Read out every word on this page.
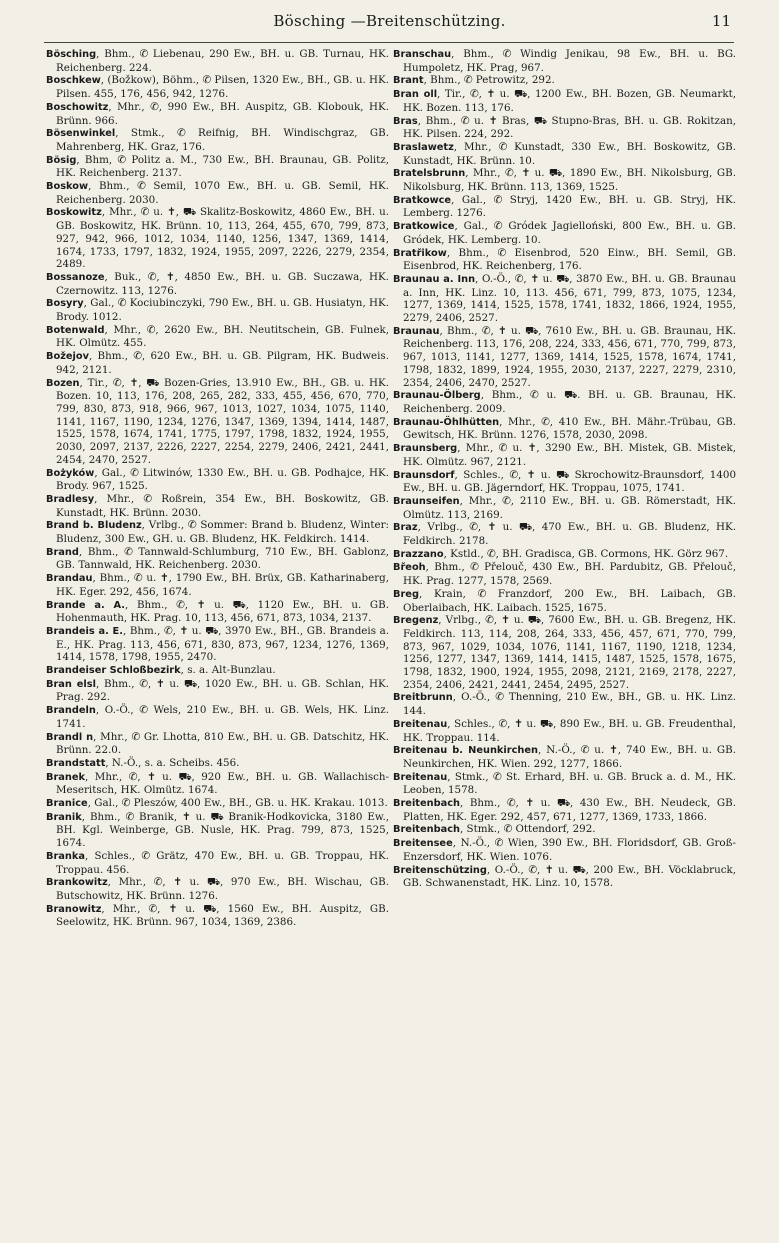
Bösching —Breitenschützing.	11

Bösching, Bhm., ✆ Liebenau, 290 Ew., BH. u. GB. Turnau, HK. Reichenberg. 224.

Boschkew, (Božkow), Böhm., ✆ Pilsen, 1320 Ew., BH., GB. u. HK. Pilsen. 455, 176, 456, 942, 1276.

Boschowitz, Mhr., ✆, 990 Ew., BH. Auspitz, GB. Klobouk, HK. Brünn. 966.

Bösenwinkel, Stmk., ✆ Reifnig, BH. Windischgraz, GB. Mahrenberg, HK. Graz, 176.

Bösig, Bhm, ✆ Politz a. M., 730 Ew., BH. Braunau, GB. Politz, HK. Reichenberg. 2137.

Boskow, Bhm., ✆ Semil, 1070 Ew., BH. u. GB. Semil, HK. Reichenberg. 2030.

Boskowitz, Mhr., ✆ u. ✝, ⛟ Skalitz-Boskowitz, 4860 Ew., BH. u. GB. Boskowitz, HK. Brünn. 10, 113, 264, 455, 670, 799, 873, 927, 942, 966, 1012, 1034, 1140, 1256, 1347, 1369, 1414, 1674, 1733, 1797, 1832, 1924, 1955, 2097, 2226, 2279, 2354, 2489.

Bossanoze, Buk., ✆, ✝, 4850 Ew., BH. u. GB. Suczawa, HK. Czernowitz. 113, 1276.

Bosyry, Gal., ✆ Kociubinczyki, 790 Ew., BH. u. GB. Husiatyn, HK. Brody. 1012.

Botenwald, Mhr., ✆, 2620 Ew., BH. Neutitschein, GB. Fulnek, HK. Olmütz. 455.

Božejov, Bhm., ✆, 620 Ew., BH. u. GB. Pilgram, HK. Budweis. 942, 2121.

Bozen, Tir., ✆, ✝, ⛟ Bozen-Gries, 13.910 Ew., BH., GB. u. HK. Bozen. 10, 113, 176, 208, 265, 282, 333, 455, 456, 670, 770, 799, 830, 873, 918, 966, 967, 1013, 1027, 1034, 1075, 1140, 1141, 1167, 1190, 1234, 1276, 1347, 1369, 1394, 1414, 1487, 1525, 1578, 1674, 1741, 1775, 1797, 1798, 1832, 1924, 1955, 2030, 2097, 2137, 2226, 2227, 2254, 2279, 2406, 2421, 2441, 2454, 2470, 2527.

Bożyków, Gal., ✆ Litwinów, 1330 Ew., BH. u. GB. Podhajce, HK. Brody. 967, 1525.

Bradlesy, Mhr., ✆ Roßrein, 354 Ew., BH. Boskowitz, GB. Kunstadt, HK. Brünn. 2030.

Brand b. Bludenz, Vrlbg., ✆ Sommer: Brand b. Bludenz, Winter: Bludenz, 300 Ew., GH. u. GB. Bludenz, HK. Feldkirch. 1414.

Brand, Bhm., ✆ Tannwald-Schlumburg, 710 Ew., BH. Gablonz, GB. Tannwald, HK. Reichenberg. 2030.

Brandau, Bhm., ✆ u. ✝, 1790 Ew., BH. Brüx, GB. Katharinaberg, HK. Eger. 292, 456, 1674.

Brande a. A., Bhm., ✆, ✝ u. ⛟, 1120 Ew., BH. u. GB. Hohenmauth, HK. Prag. 10, 113, 456, 671, 873, 1034, 2137.

Brandeis a. E., Bhm., ✆, ✝ u. ⛟, 3970 Ew., BH., GB. Brandeis a. E., HK. Prag. 113, 456, 671, 830, 873, 967, 1234, 1276, 1369, 1414, 1578, 1798, 1955, 2470.

Brandeiser Schloßbezirk, s. a. Alt-Bunzlau.

Bran elsl, Bhm., ✆, ✝ u. ⛟, 1020 Ew., BH. u. GB. Schlan, HK. Prag. 292.

Brandeln, O.-Ö., ✆ Wels, 210 Ew., BH. u. GB. Wels, HK. Linz. 1741.

Brandl n, Mhr., ✆ Gr. Lhotta, 810 Ew., BH. u. GB. Datschitz, HK. Brünn. 22.0.

Brandstatt, N.-Ö., s. a. Scheibs. 456.

Branek, Mhr., ✆, ✝ u. ⛟, 920 Ew., BH. u. GB. Wallachisch-Meseritsch, HK. Olmütz. 1674.

Branice, Gal., ✆ Pleszów, 400 Ew., BH., GB. u. HK. Krakau. 1013.

Branik, Bhm., ✆ Branik, ✝ u. ⛟ Branik-Hodkovicka, 3180 Ew., BH. Kgl. Weinberge, GB. Nusle, HK. Prag. 799, 873, 1525, 1674.

Branka, Schles., ✆ Grätz, 470 Ew., BH. u. GB. Troppau, HK. Troppau. 456.

Brankowitz, Mhr., ✆, ✝ u. ⛟, 970 Ew., BH. Wischau, GB. Butschowitz, HK. Brünn. 1276.

Branowitz, Mhr., ✆, ✝ u. ⛟, 1560 Ew., BH. Auspitz, GB. Seelowitz, HK. Brünn. 967, 1034, 1369, 2386.

Branschau, Bhm., ✆ Windig Jenikau, 98 Ew., BH. u. BG. Humpoletz, HK. Prag, 967.

Brant, Bhm., ✆ Petrowitz, 292.

Bran oll, Tir., ✆, ✝ u. ⛟, 1200 Ew., BH. Bozen, GB. Neumarkt, HK. Bozen. 113, 176.

Bras, Bhm., ✆ u. ✝ Bras, ⛟ Stupno-Bras, BH. u. GB. Rokitzan, HK. Pilsen. 224, 292.

Braslawetz, Mhr., ✆ Kunstadt, 330 Ew., BH. Boskowitz, GB. Kunstadt, HK. Brünn. 10.

Bratelsbrunn, Mhr., ✆, ✝ u. ⛟, 1890 Ew., BH. Nikolsburg, GB. Nikolsburg, HK. Brünn. 113, 1369, 1525.

Bratkowce, Gal., ✆ Stryj, 1420 Ew., BH. u. GB. Stryj, HK. Lemberg. 1276.

Bratkowice, Gal., ✆ Gródek Jagielloński, 800 Ew., BH. u. GB. Gródek, HK. Lemberg. 10.

Bratřikow, Bhm., ✆ Eisenbrod, 520 Einw., BH. Semil, GB. Eisenbrod, HK. Reichenberg, 176.

Braunau a. Inn, O.-Ö., ✆, ✝ u. ⛟, 3870 Ew., BH. u. GB. Braunau a. Inn, HK. Linz. 10, 113. 456, 671, 799, 873, 1075, 1234, 1277, 1369, 1414, 1525, 1578, 1741, 1832, 1866, 1924, 1955, 2279, 2406, 2527.

Braunau, Bhm., ✆, ✝ u. ⛟, 7610 Ew., BH. u. GB. Braunau, HK. Reichenberg. 113, 176, 208, 224, 333, 456, 671, 770, 799, 873, 967, 1013, 1141, 1277, 1369, 1414, 1525, 1578, 1674, 1741, 1798, 1832, 1899, 1924, 1955, 2030, 2137, 2227, 2279, 2310, 2354, 2406, 2470, 2527.

Braunau-Ölberg, Bhm., ✆ u. ⛟. BH. u. GB. Braunau, HK. Reichenberg. 2009.

Braunau-Öhlhütten, Mhr., ✆, 410 Ew., BH. Mähr.-Trübau, GB. Gewitsch, HK. Brünn. 1276, 1578, 2030, 2098.

Braunsberg, Mhr., ✆ u. ✝, 3290 Ew., BH. Mistek, GB. Mistek, HK. Olmütz. 967, 2121.

Braunsdorf, Schles., ✆, ✝ u. ⛟ Skrochowitz-Braunsdorf, 1400 Ew., BH. u. GB. Jägerndorf, HK. Troppau, 1075, 1741.

Braunseifen, Mhr., ✆, 2110 Ew., BH. u. GB. Römerstadt, HK. Olmütz. 113, 2169.

Braz, Vrlbg., ✆, ✝ u. ⛟, 470 Ew., BH. u. GB. Bludenz, HK. Feldkirch. 2178.

Brazzano, Kstld., ✆, BH. Gradisca, GB. Cormons, HK. Görz 967.

Břeoh, Bhm., ✆ Přelouč, 430 Ew., BH. Pardubitz, GB. Přelouč, HK. Prag. 1277, 1578, 2569.

Breg, Krain, ✆ Franzdorf, 200 Ew., BH. Laibach, GB. Oberlaibach, HK. Laibach. 1525, 1675.

Bregenz, Vrlbg., ✆, ✝ u. ⛟, 7600 Ew., BH. u. GB. Bregenz, HK. Feldkirch. 113, 114, 208, 264, 333, 456, 457, 671, 770, 799, 873, 967, 1029, 1034, 1076, 1141, 1167, 1190, 1218, 1234, 1256, 1277, 1347, 1369, 1414, 1415, 1487, 1525, 1578, 1675, 1798, 1832, 1900, 1924, 1955, 2098, 2121, 2169, 2178, 2227, 2354, 2406, 2421, 2441, 2454, 2495, 2527.

Breitbrunn, O.-Ö., ✆ Thenning, 210 Ew., BH., GB. u. HK. Linz. 144.

Breitenau, Schles., ✆, ✝ u. ⛟, 890 Ew., BH. u. GB. Freudenthal, HK. Troppau. 114.

Breitenau b. Neunkirchen, N.-Ö., ✆ u. ✝, 740 Ew., BH. u. GB. Neunkirchen, HK. Wien. 292, 1277, 1866.

Breitenau, Stmk., ✆ St. Erhard, BH. u. GB. Bruck a. d. M., HK. Leoben, 1578.

Breitenbach, Bhm., ✆, ✝ u. ⛟, 430 Ew., BH. Neudeck, GB. Platten, HK. Eger. 292, 457, 671, 1277, 1369, 1733, 1866.

Breitenbach, Stmk., ✆ Ottendorf, 292.

Breitensee, N.-Ö., ✆ Wien, 390 Ew., BH. Floridsdorf, GB. Groß-Enzersdorf, HK. Wien. 1076.

Breitenschützing, O.-Ö., ✆, ✝ u. ⛟, 200 Ew., BH. Vöcklabruck, GB. Schwanenstadt, HK. Linz. 10, 1578.
